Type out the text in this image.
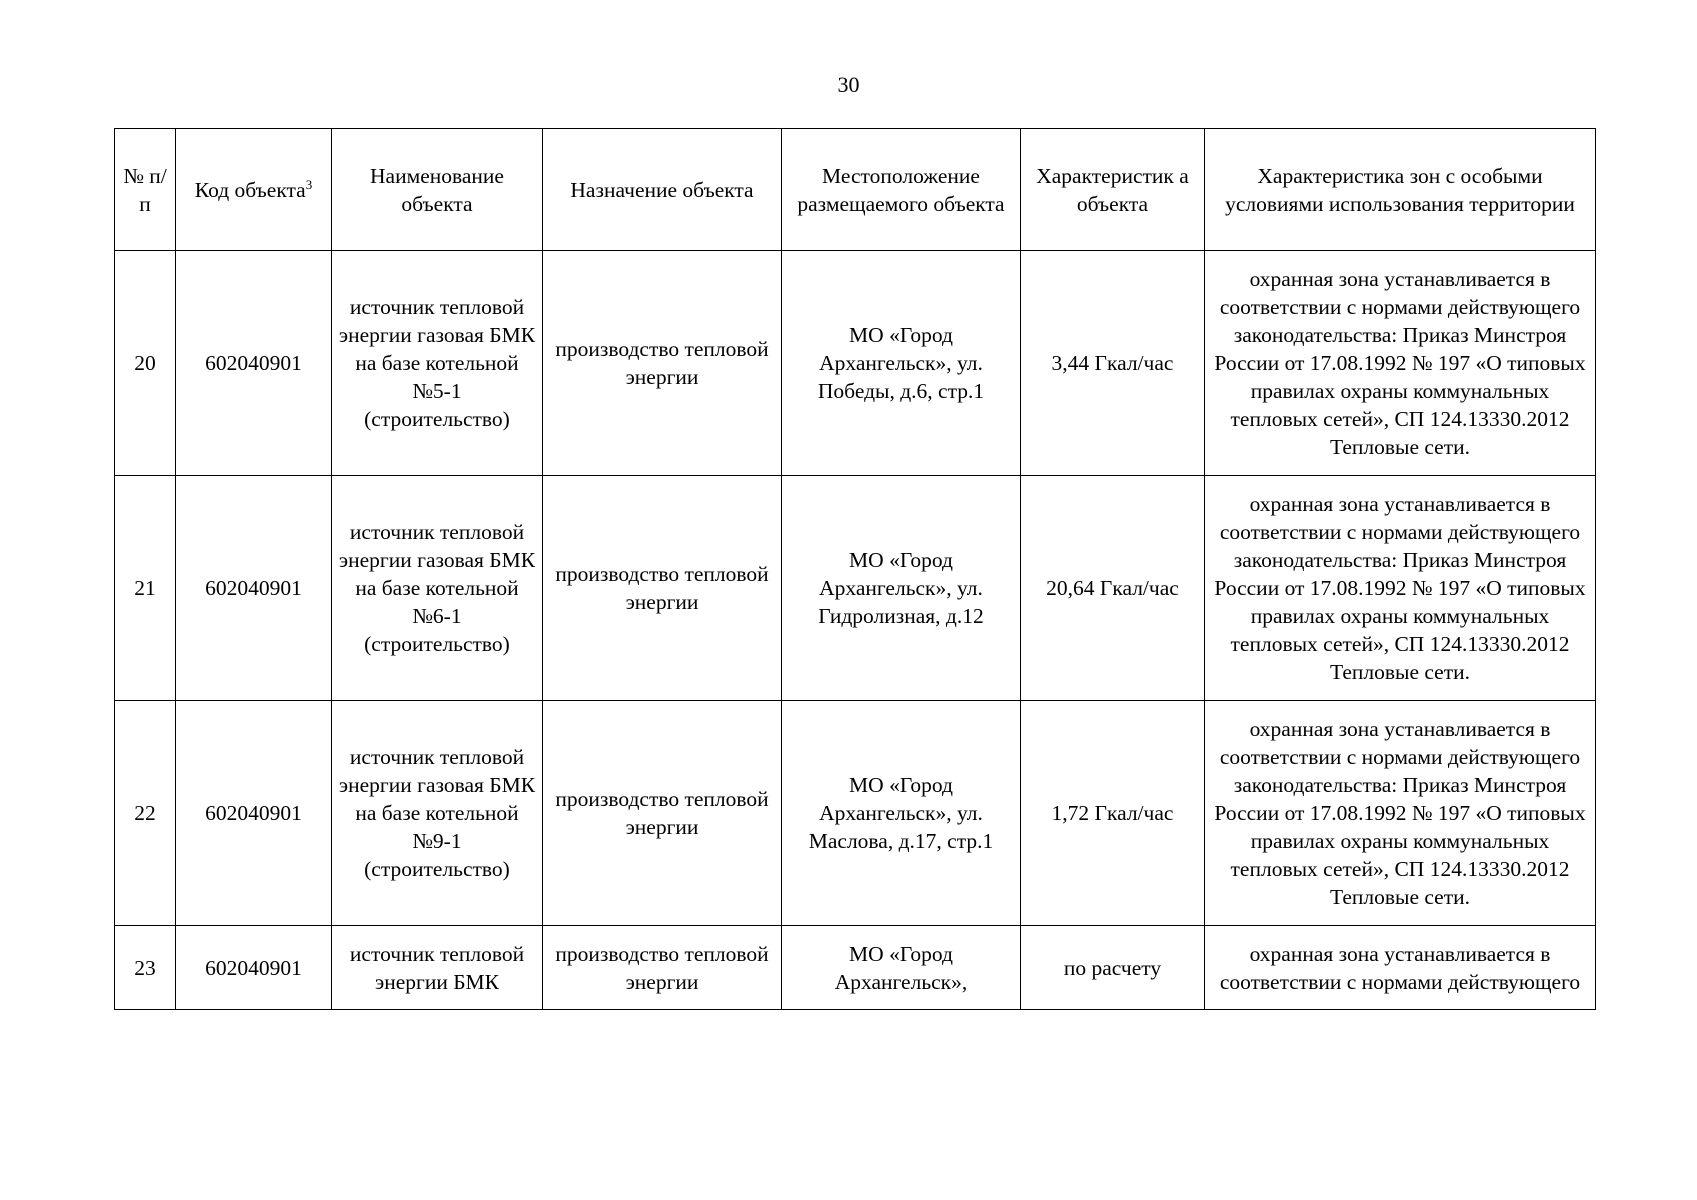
30
№ п/п	Код объекта$^3$	Наименование объекта	Назначение объекта	Местоположение размещаемого объекта	Характеристик а объекта	Характеристика зон с особыми условиями использования территории

20	602040901	источник тепловой энергии газовая БМК на базе котельной №5-1 (строительство)	производство тепловой энергии	МО «Город Архангельск», ул. Победы, д.6, стр.1	3,44 Гкал/час	охранная зона устанавливается в соответствии с нормами действующего законодательства: Приказ Минстроя России от 17.08.1992 № 197 «О типовых правилах охраны коммунальных тепловых сетей», СП 124.13330.2012 Тепловые сети.
21	602040901	источник тепловой энергии газовая БМК на базе котельной №6-1 (строительство)	производство тепловой энергии	МО «Город Архангельск», ул. Гидролизная, д.12	20,64 Гкал/час	охранная зона устанавливается в соответствии с нормами действующего законодательства: Приказ Минстроя России от 17.08.1992 № 197 «О типовых правилах охраны коммунальных тепловых сетей», СП 124.13330.2012 Тепловые сети.
22	602040901	источник тепловой энергии газовая БМК на базе котельной №9-1 (строительство)	производство тепловой энергии	МО «Город Архангельск», ул. Маслова, д.17, стр.1	1,72 Гкал/час	охранная зона устанавливается в соответствии с нормами действующего законодательства: Приказ Минстроя России от 17.08.1992 № 197 «О типовых правилах охраны коммунальных тепловых сетей», СП 124.13330.2012 Тепловые сети.
23	602040901	источник тепловой энергии БМК	производство тепловой энергии	МО «Город Архангельск»,	по расчету	охранная зона устанавливается в соответствии с нормами действующего
